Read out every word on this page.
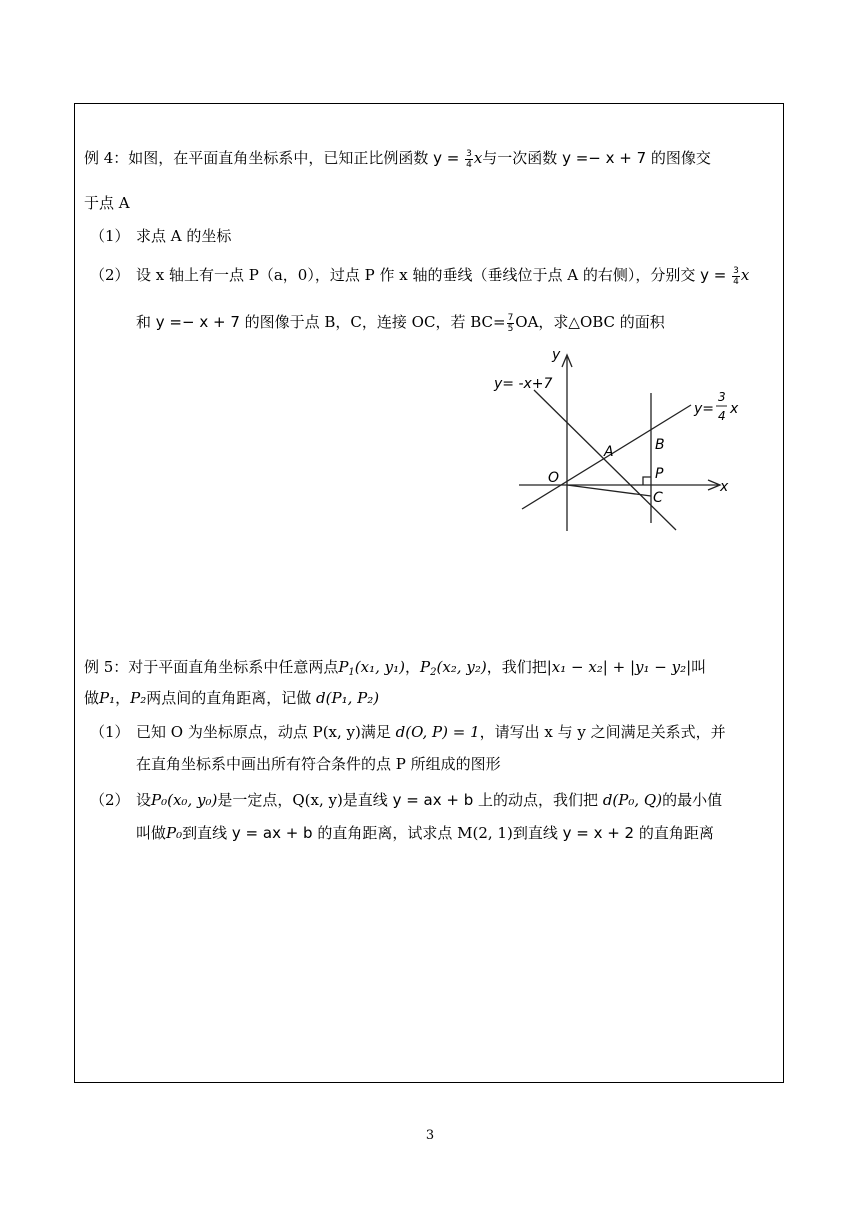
例 4：如图，在平面直角坐标系中，已知正比例函数 $y = \frac{3}{4}$ x与一次函数 y =− x + 7 的图像交
于点 A
（1） 求点 A 的坐标
（2） 设 x 轴上有一点 P（a，0），过点 P 作 x 轴的垂线（垂线位于点 A 的右侧），分别交 $y = \frac{3}{4}$ x
和 y =− x + 7 的图像于点 B，C，连接 OC，若 $BC= \frac{7}{5}$ OA，求△OBC 的面积
y= -x+7
y=
3
4 x
y
x
O
A	B
P
C
例 5：对于平面直角坐标系中任意两点$P_1(x_1$, y₁)，$P_2(x_2$, y₂)，我们把|x₁ − x₂| + |y₁ − y₂|叫
做P₁，P₂两点间的直角距离，记做 d(P₁, P₂)
（1） 已知 O 为坐标原点，动点 P(x, y)满足 d(O, P) = 1，请写出 x 与 y 之间满足关系式，并
在直角坐标系中画出所有符合条件的点 P 所组成的图形
（2） 设P₀(x₀, y₀)是一定点，Q(x, y)是直线 y = ax + b 上的动点，我们把 d(P₀, Q)的最小值
叫做P₀到直线 y = ax + b 的直角距离，试求点 M(2, 1)到直线 y = x + 2 的直角距离
3
